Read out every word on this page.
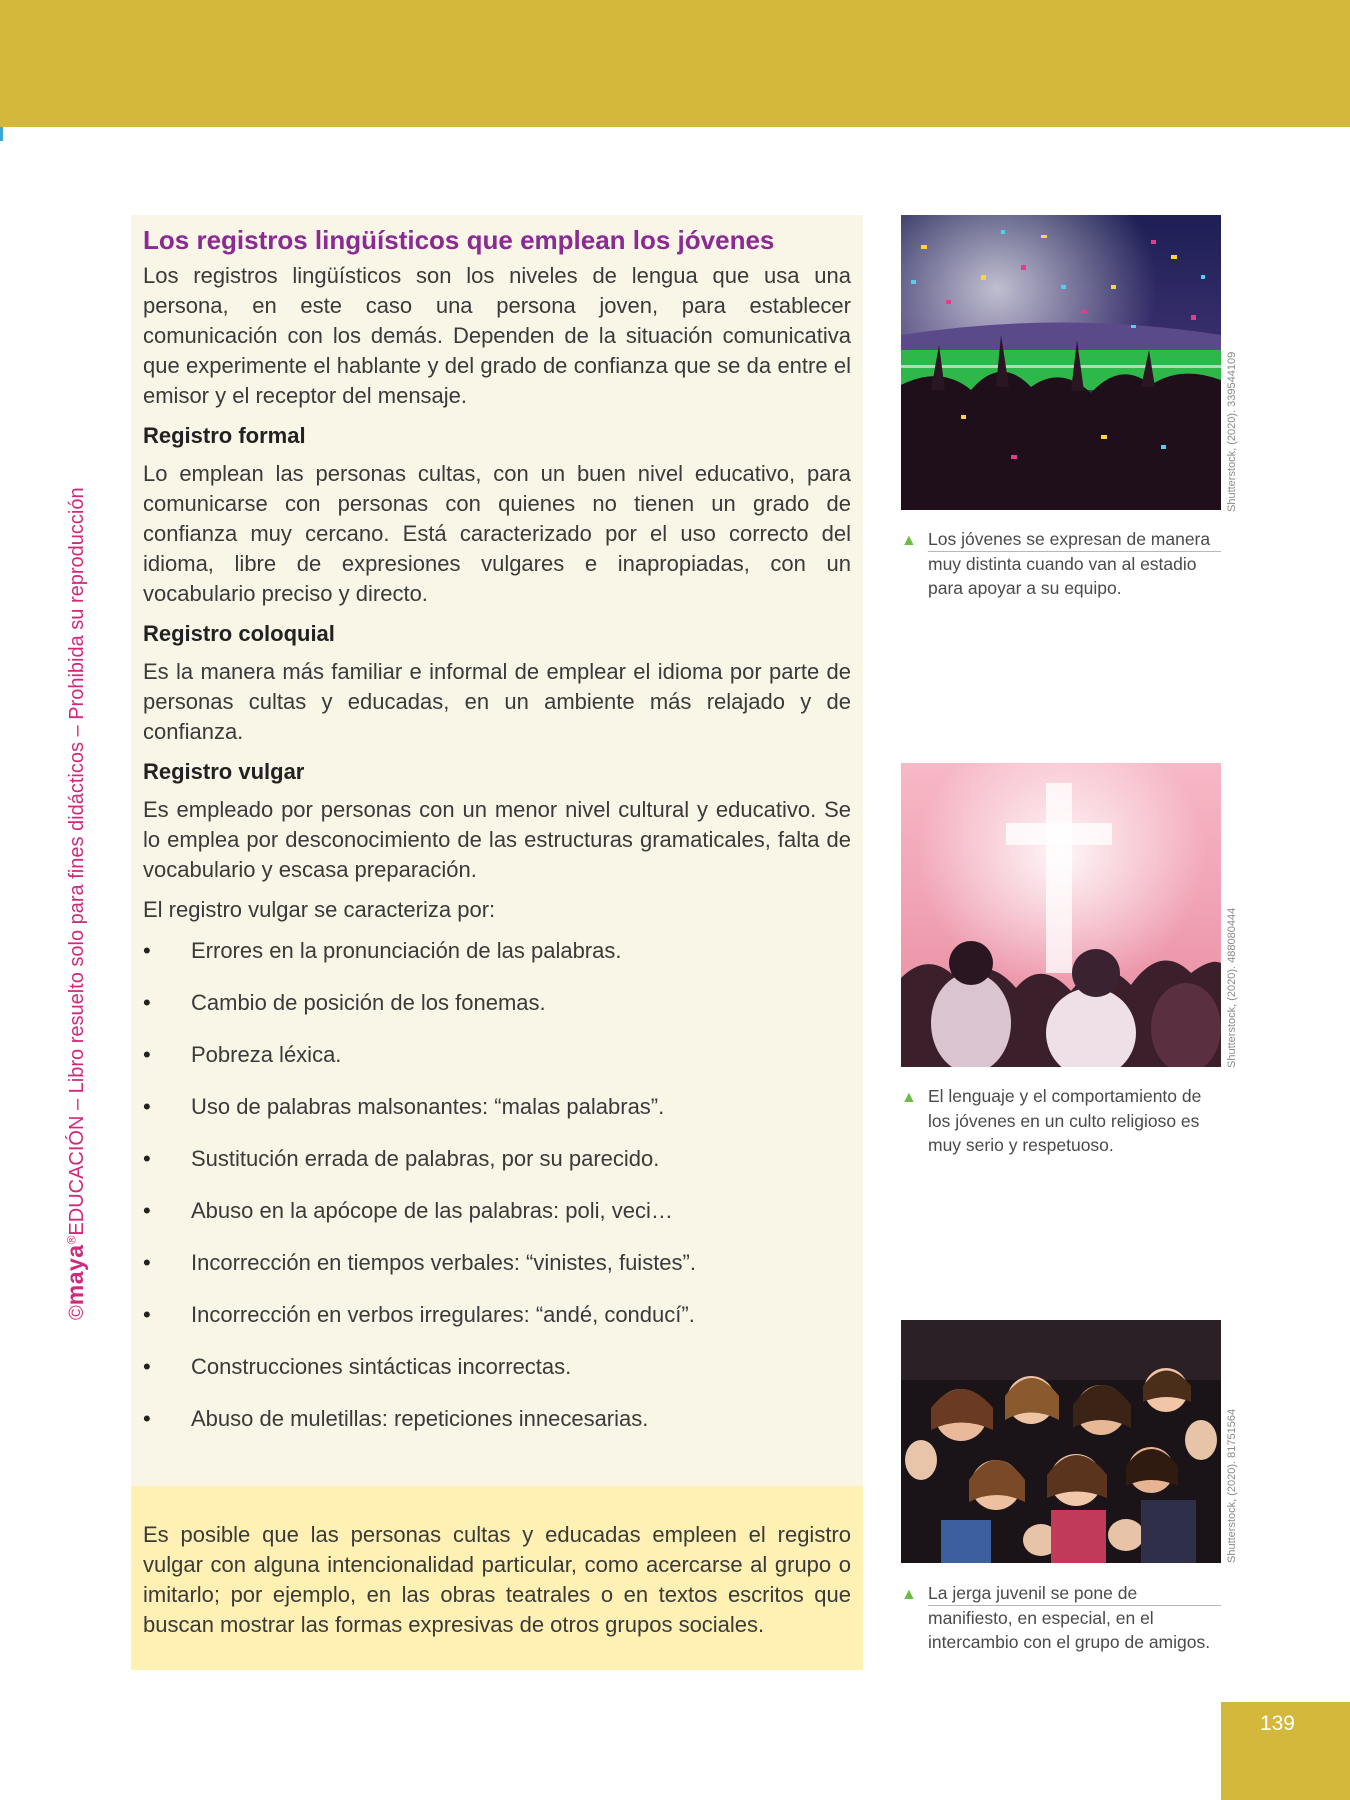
©maya®EDUCACIÓN – Libro resuelto solo para fines didácticos – Prohibida su reproducción
Los registros lingüísticos que emplean los jóvenes

Los registros lingüísticos son los niveles de lengua que usa una persona, en este caso una persona joven, para establecer comunicación con los demás. Dependen de la situación comunicativa que experimente el hablante y del grado de confianza que se da entre el emisor y el receptor del mensaje.

Registro formal

Lo emplean las personas cultas, con un buen nivel educativo, para comunicarse con personas con quienes no tienen un grado de confianza muy cercano. Está caracterizado por el uso correcto del idioma, libre de expresiones vulgares e inapropiadas, con un vocabulario preciso y directo.

Registro coloquial

Es la manera más familiar e informal de emplear el idioma por parte de personas cultas y educadas, en un ambiente más relajado y de confianza.

Registro vulgar

Es empleado por personas con un menor nivel cultural y educativo. Se lo emplea por desconocimiento de las estructuras gramaticales, falta de vocabulario y escasa preparación.

El registro vulgar se caracteriza por:

• Errores en la pronunciación de las palabras.
• Cambio de posición de los fonemas.
• Pobreza léxica.
• Uso de palabras malsonantes: “malas palabras”.
• Sustitución errada de palabras, por su parecido.
• Abuso en la apócope de las palabras: poli, veci…
• Incorrección en tiempos verbales: “vinistes, fuistes”.
• Incorrección en verbos irregulares: “andé, conducí”.
• Construcciones sintácticas incorrectas.
• Abuso de muletillas: repeticiones innecesarias.

Es posible que las personas cultas y educadas empleen el registro vulgar con alguna intencionalidad particular, como acercarse al grupo o imitarlo; por ejemplo, en las obras teatrales o en textos escritos que buscan mostrar las formas expresivas de otros grupos sociales.

Shutterstock, (2020). 339544109
▲ Los jóvenes se expresan de manera muy distinta cuando van al estadio para apoyar a su equipo.
Shutterstock, (2020). 488080444
▲ El lenguaje y el comportamiento de los jóvenes en un culto religioso es muy serio y respetuoso.
Shutterstock, (2020). 81751564
▲ La jerga juvenil se pone de manifiesto, en especial, en el intercambio con el grupo de amigos.
139
